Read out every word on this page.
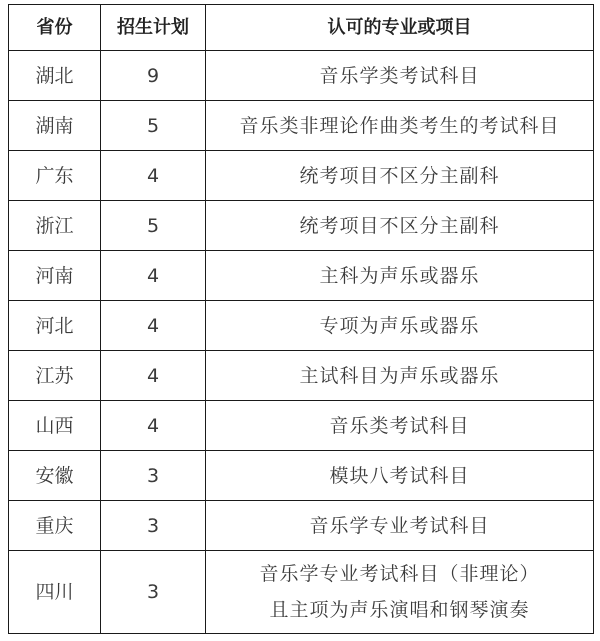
省份	招生计划	认可的专业或项目
湖北	9	音乐学类考试科目
湖南	5	音乐类非理论作曲类考生的考试科目
广东	4	统考项目不区分主副科
浙江	5	统考项目不区分主副科
河南	4	主科为声乐或器乐
河北	4	专项为声乐或器乐
江苏	4	主试科目为声乐或器乐
山西	4	音乐类考试科目
安徽	3	模块八考试科目
重庆	3	音乐学专业考试科目
四川	3	音乐学专业考试科目（非理论）
且主项为声乐演唱和钢琴演奏
